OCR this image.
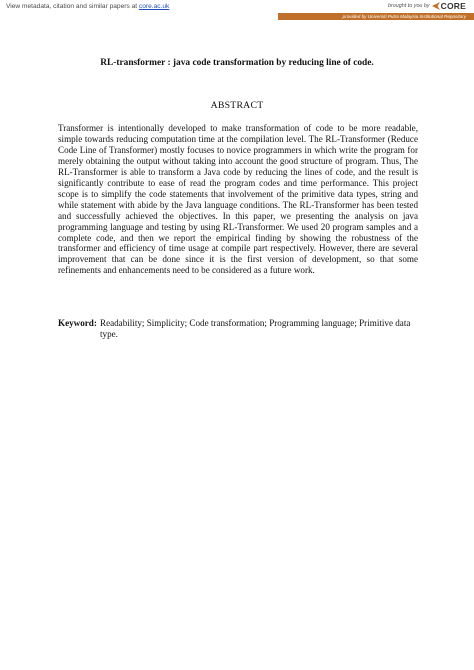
View metadata, citation and similar papers at core.ac.uk	brought to you by CORE
provided by Universiti Putra Malaysia Institutional Repository
RL-transformer : java code transformation by reducing line of code.
ABSTRACT

Transformer is intentionally developed to make transformation of code to be more readable, simple towards reducing computation time at the compilation level. The RL-Transformer (Reduce Code Line of Transformer) mostly focuses to novice programmers in which write the program for merely obtaining the output without taking into account the good structure of program. Thus, The RL-Transformer is able to transform a Java code by reducing the lines of code, and the result is significantly contribute to ease of read the program codes and time performance. This project scope is to simplify the code statements that involvement of the primitive data types, string and while statement with abide by the Java language conditions. The RL-Transformer has been tested and successfully achieved the objectives. In this paper, we presenting the analysis on java programming language and testing by using RL-Transformer. We used 20 program samples and a complete code, and then we report the empirical finding by showing the robustness of the transformer and efficiency of time usage at compile part respectively. However, there are several improvement that can be done since it is the first version of development, so that some refinements and enhancements need to be considered as a future work.

Keyword: Readability; Simplicity; Code transformation; Programming language; Primitive data type.
